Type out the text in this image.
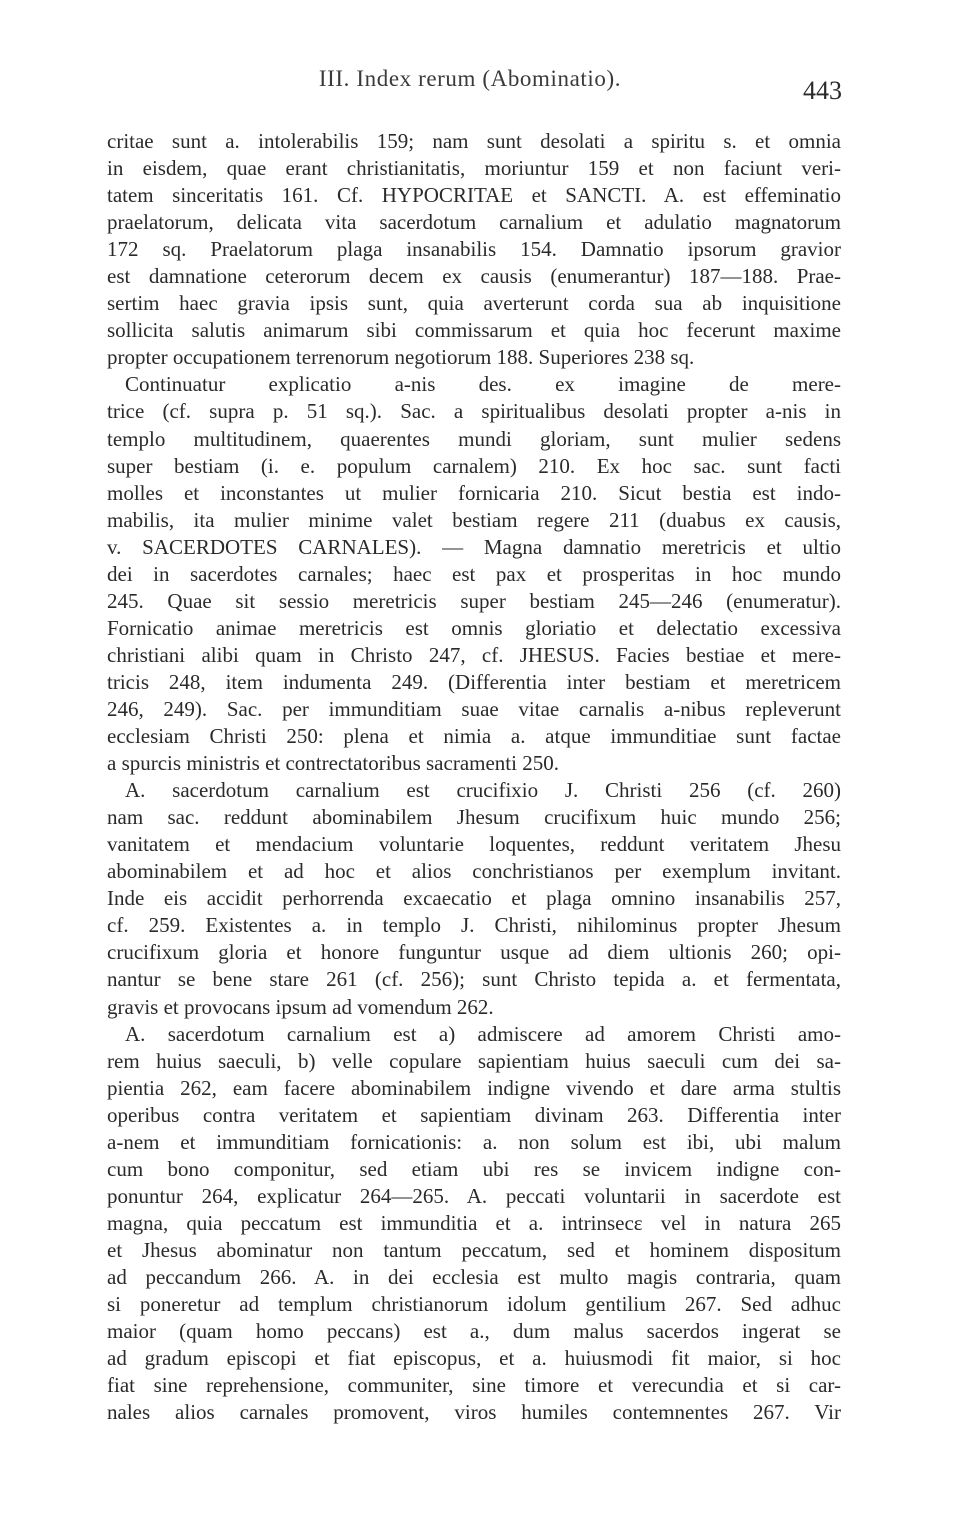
III. Index rerum (Abominatio).	443
critae sunt a. intolerabilis 159; nam sunt desolati a spiritu s. et omnia
in eisdem, quae erant christianitatis, moriuntur 159 et non faciunt veri-
tatem sinceritatis 161. Cf. HYPOCRITAE et SANCTI. A. est effeminatio
praelatorum, delicata vita sacerdotum carnalium et adulatio magnatorum
172 sq. Praelatorum plaga insanabilis 154. Damnatio ipsorum gravior
est damnatione ceterorum decem ex causis (enumerantur) 187—188. Prae-
sertim haec gravia ipsis sunt, quia averterunt corda sua ab inquisitione
sollicita salutis animarum sibi commissarum et quia hoc fecerunt maxime
propter occupationem terrenorum negotiorum 188. Superiores 238 sq.
Continuatur explicatio a-nis des. ex imagine de mere-
trice (cf. supra p. 51 sq.). Sac. a spiritualibus desolati propter a-nis in
templo multitudinem, quaerentes mundi gloriam, sunt mulier sedens
super bestiam (i. e. populum carnalem) 210. Ex hoc sac. sunt facti
molles et inconstantes ut mulier fornicaria 210. Sicut bestia est indo-
mabilis, ita mulier minime valet bestiam regere 211 (duabus ex causis,
v. SACERDOTES CARNALES). — Magna damnatio meretricis et ultio
dei in sacerdotes carnales; haec est pax et prosperitas in hoc mundo
245. Quae sit sessio meretricis super bestiam 245—246 (enumeratur).
Fornicatio animae meretricis est omnis gloriatio et delectatio excessiva
christiani alibi quam in Christo 247, cf. JHESUS. Facies bestiae et mere-
tricis 248, item indumenta 249. (Differentia inter bestiam et meretricem
246, 249). Sac. per immunditiam suae vitae carnalis a-nibus repleverunt
ecclesiam Christi 250: plena et nimia a. atque immunditiae sunt factae
a spurcis ministris et contrectatoribus sacramenti 250.
A. sacerdotum carnalium est crucifixio J. Christi 256 (cf. 260)
nam sac. reddunt abominabilem Jhesum crucifixum huic mundo 256;
vanitatem et mendacium voluntarie loquentes, reddunt veritatem Jhesu
abominabilem et ad hoc et alios conchristianos per exemplum invitant.
Inde eis accidit perhorrenda excaecatio et plaga omnino insanabilis 257,
cf. 259. Existentes a. in templo J. Christi, nihilominus propter Jhesum
crucifixum gloria et honore funguntur usque ad diem ultionis 260; opi-
nantur se bene stare 261 (cf. 256); sunt Christo tepida a. et fermentata,
gravis et provocans ipsum ad vomendum 262.
A. sacerdotum carnalium est a) admiscere ad amorem Christi amo-
rem huius saeculi, b) velle copulare sapientiam huius saeculi cum dei sa-
pientia 262, eam facere abominabilem indigne vivendo et dare arma stultis
operibus contra veritatem et sapientiam divinam 263. Differentia inter
a-nem et immunditiam fornicationis: a. non solum est ibi, ubi malum
cum bono componitur, sed etiam ubi res se invicem indigne con-
ponuntur 264, explicatur 264—265. A. peccati voluntarii in sacerdote est
magna, quia peccatum est immunditia et a. intrinsecε vel in natura 265
et Jhesus abominatur non tantum peccatum, sed et hominem dispositum
ad peccandum 266. A. in dei ecclesia est multo magis contraria, quam
si poneretur ad templum christianorum idolum gentilium 267. Sed adhuc
maior (quam homo peccans) est a., dum malus sacerdos ingerat se
ad gradum episcopi et fiat episcopus, et a. huiusmodi fit maior, si hoc
fiat sine reprehensione, communiter, sine timore et verecundia et si car-
nales alios carnales promovent, viros humiles contemnentes 267. Vir
